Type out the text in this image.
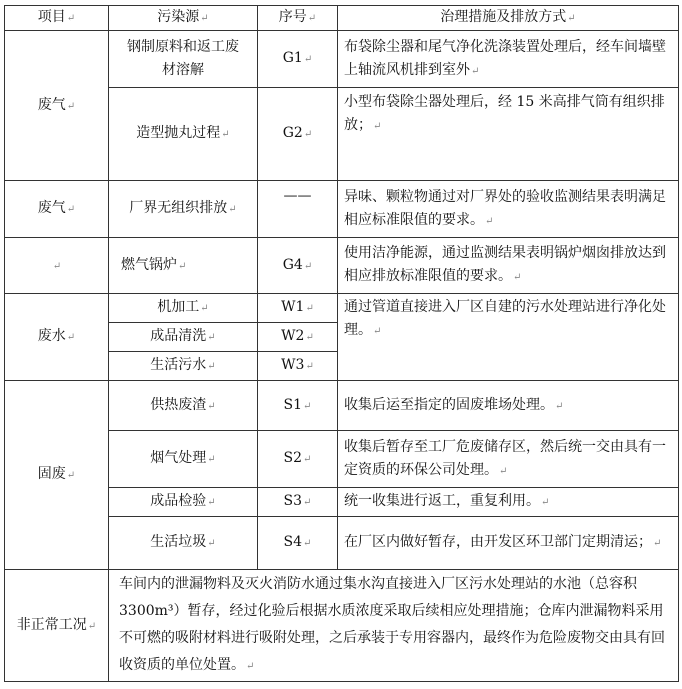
项目↵	污染源↵	序号↵	治理措施及排放方式↵
废气↵	钢制原料和返工废材溶解	G1↵	布袋除尘器和尾气净化洗涤装置处理后，经车间墙壁上轴流风机排到室外↵
	造型抛丸过程↵	G2↵	小型布袋除尘器处理后，经 15 米高排气筒有组织排放；↵
废气↵	厂界无组织排放↵	——	异味、颗粒物通过对厂界处的验收监测结果表明满足相应标准限值的要求。↵
↵	燃气锅炉↵	G4↵	使用洁净能源，通过监测结果表明锅炉烟囱排放达到相应排放标准限值的要求。↵
废水↵	机加工↵	W1↵	通过管道直接进入厂区自建的污水处理站进行净化处理。↵
	成品清洗↵	W2↵	
	生活污水↵	W3↵	
固废↵	供热废渣↵	S1↵	收集后运至指定的固废堆场处理。↵
	烟气处理↵	S2↵	收集后暂存至工厂危废储存区，然后统一交由具有一定资质的环保公司处理。↵
	成品检验↵	S3↵	统一收集进行返工，重复利用。↵
	生活垃圾↵	S4↵	在厂区内做好暂存，由开发区环卫部门定期清运；↵
非正常工况↵	车间内的泄漏物料及灭火消防水通过集水沟直接进入厂区污水处理站的水池（总容积 3300m³）暂存，经过化验后根据水质浓度采取后续相应处理措施；仓库内泄漏物料采用不可燃的吸附材料进行吸附处理，之后承装于专用容器内，最终作为危险废物交由具有回收资质的单位处置。↵		
